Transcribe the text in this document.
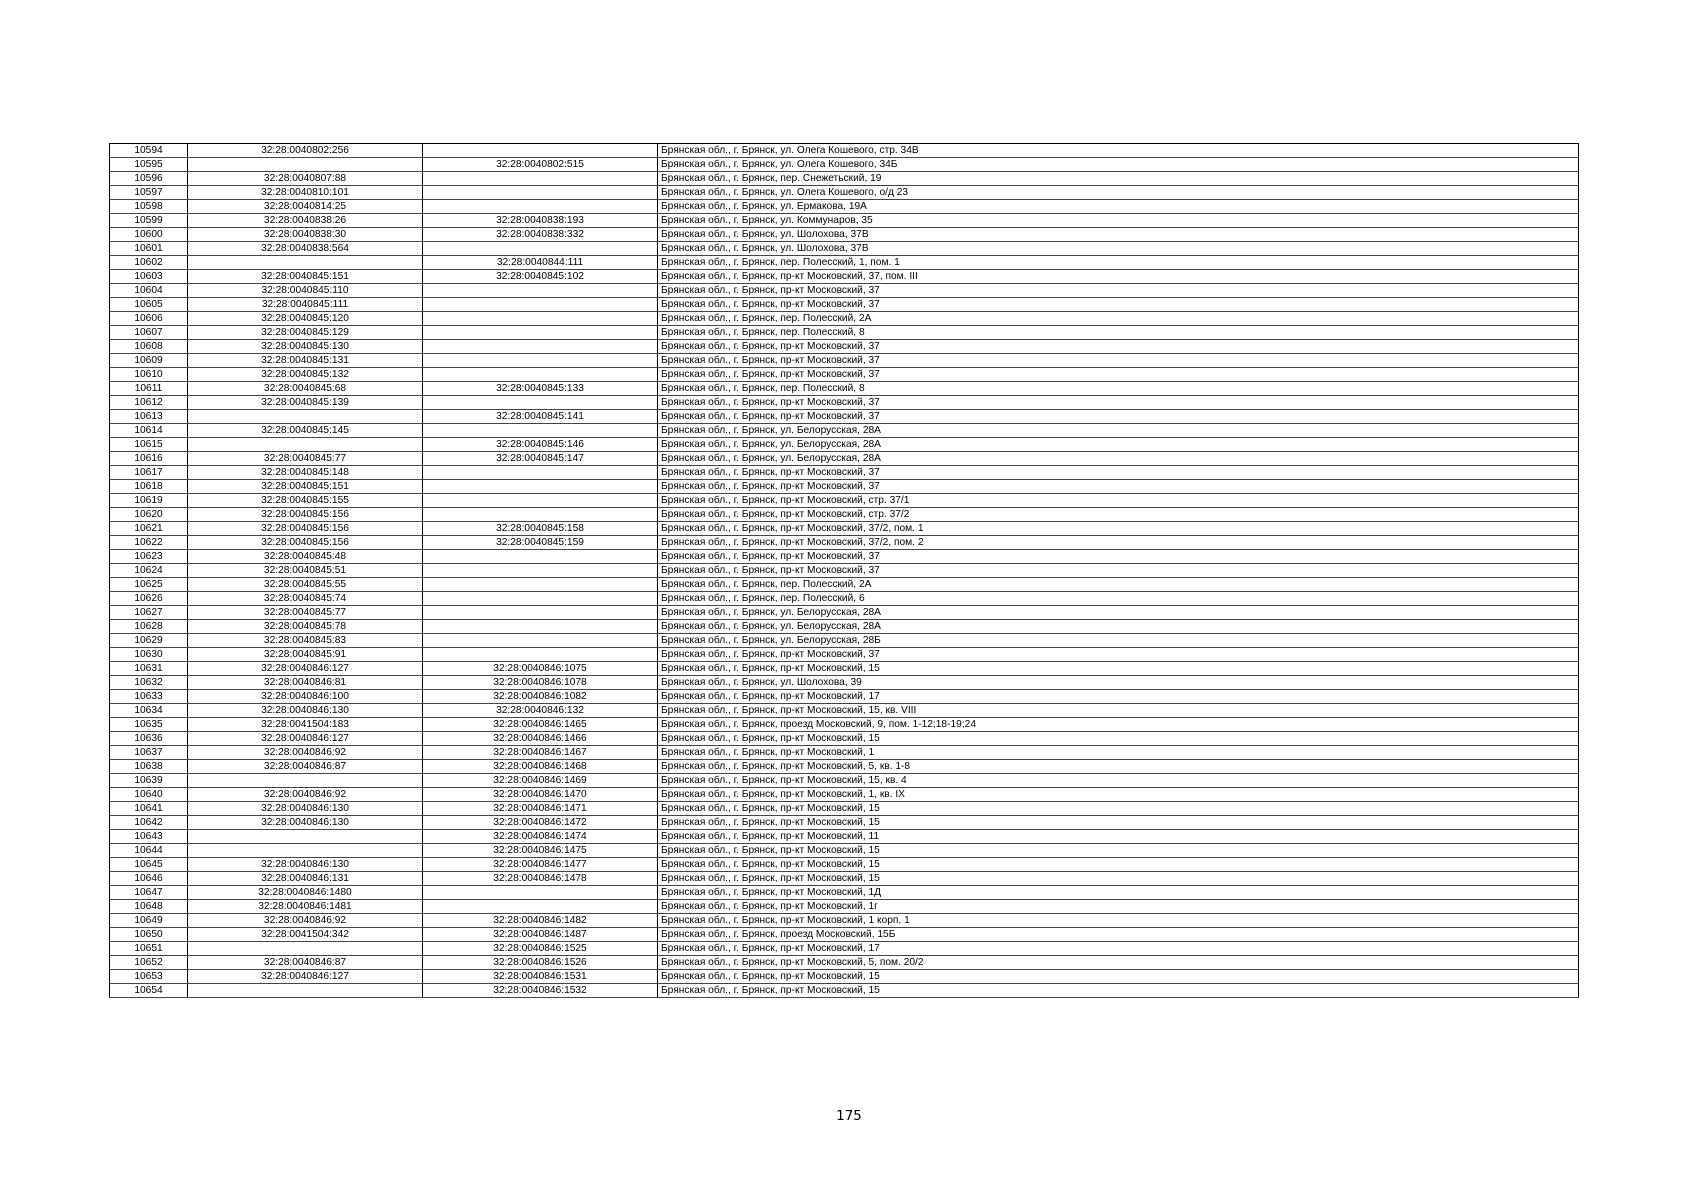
10594	32:28:0040802:256		Брянская обл., г. Брянск, ул. Олега Кошевого, стр. 34В
10595		32:28:0040802:515	Брянская обл., г. Брянск, ул. Олега Кошевого, 34Б
10596	32:28:0040807:88		Брянская обл., г. Брянск, пер. Снежетьский, 19
10597	32:28:0040810:101		Брянская обл., г. Брянск, ул. Олега Кошевого, о/д 23
10598	32:28:0040814:25		Брянская обл., г. Брянск, ул. Ермакова, 19А
10599	32:28:0040838:26	32:28:0040838:193	Брянская обл., г. Брянск, ул. Коммунаров, 35
10600	32:28:0040838:30	32:28:0040838:332	Брянская обл., г. Брянск, ул. Шолохова, 37В
10601	32:28:0040838:564		Брянская обл., г. Брянск, ул. Шолохова, 37В
10602		32:28:0040844:111	Брянская обл., г. Брянск, пер. Полесский, 1, пом. 1
10603	32:28:0040845:151	32:28:0040845:102	Брянская обл., г. Брянск, пр-кт Московский, 37, пом. III
10604	32:28:0040845:110		Брянская обл., г. Брянск, пр-кт Московский, 37
10605	32:28:0040845:111		Брянская обл., г. Брянск, пр-кт Московский, 37
10606	32:28:0040845:120		Брянская обл., г. Брянск, пер. Полесский, 2А
10607	32:28:0040845:129		Брянская обл., г. Брянск, пер. Полесский, 8
10608	32:28:0040845:130		Брянская обл., г. Брянск, пр-кт Московский, 37
10609	32:28:0040845:131		Брянская обл., г. Брянск, пр-кт Московский, 37
10610	32:28:0040845:132		Брянская обл., г. Брянск, пр-кт Московский, 37
10611	32:28:0040845:68	32:28:0040845:133	Брянская обл., г. Брянск, пер. Полесский, 8
10612	32:28:0040845:139		Брянская обл., г. Брянск, пр-кт Московский, 37
10613		32:28:0040845:141	Брянская обл., г. Брянск, пр-кт Московский, 37
10614	32:28:0040845:145		Брянская обл., г. Брянск, ул. Белорусская, 28А
10615		32:28:0040845:146	Брянская обл., г. Брянск, ул. Белорусская, 28А
10616	32:28:0040845:77	32:28:0040845:147	Брянская обл., г. Брянск, ул. Белорусская, 28А
10617	32:28:0040845:148		Брянская обл., г. Брянск, пр-кт Московский, 37
10618	32:28:0040845:151		Брянская обл., г. Брянск, пр-кт Московский, 37
10619	32:28:0040845:155		Брянская обл., г. Брянск, пр-кт Московский, стр. 37/1
10620	32:28:0040845:156		Брянская обл., г. Брянск, пр-кт Московский, стр. 37/2
10621	32:28:0040845:156	32:28:0040845:158	Брянская обл., г. Брянск, пр-кт Московский, 37/2, пом. 1
10622	32:28:0040845:156	32:28:0040845:159	Брянская обл., г. Брянск, пр-кт Московский, 37/2, пом. 2
10623	32:28:0040845:48		Брянская обл., г. Брянск, пр-кт Московский, 37
10624	32:28:0040845:51		Брянская обл., г. Брянск, пр-кт Московский, 37
10625	32:28:0040845:55		Брянская обл., г. Брянск, пер. Полесский, 2А
10626	32:28:0040845:74		Брянская обл., г. Брянск, пер. Полесский, 6
10627	32:28:0040845:77		Брянская обл., г. Брянск, ул. Белорусская, 28А
10628	32:28:0040845:78		Брянская обл., г. Брянск, ул. Белорусская, 28А
10629	32:28:0040845:83		Брянская обл., г. Брянск, ул. Белорусская, 28Б
10630	32:28:0040845:91		Брянская обл., г. Брянск, пр-кт Московский, 37
10631	32:28:0040846:127	32:28:0040846:1075	Брянская обл., г. Брянск, пр-кт Московский, 15
10632	32:28:0040846:81	32:28:0040846:1078	Брянская обл., г. Брянск, ул. Шолохова, 39
10633	32:28:0040846:100	32:28:0040846:1082	Брянская обл., г. Брянск, пр-кт Московский, 17
10634	32:28:0040846:130	32:28:0040846:132	Брянская обл., г. Брянск, пр-кт Московский, 15, кв. VIII
10635	32:28:0041504:183	32:28:0040846:1465	Брянская обл., г. Брянск, проезд Московский, 9, пом. 1-12;18-19;24
10636	32:28:0040846:127	32:28:0040846:1466	Брянская обл., г. Брянск, пр-кт Московский, 15
10637	32:28:0040846:92	32:28:0040846:1467	Брянская обл., г. Брянск, пр-кт Московский, 1
10638	32:28:0040846:87	32:28:0040846:1468	Брянская обл., г. Брянск, пр-кт Московский, 5, кв. 1-8
10639		32:28:0040846:1469	Брянская обл., г. Брянск, пр-кт Московский, 15, кв. 4
10640	32:28:0040846:92	32:28:0040846:1470	Брянская обл., г. Брянск, пр-кт Московский, 1, кв. IX
10641	32:28:0040846:130	32:28:0040846:1471	Брянская обл., г. Брянск, пр-кт Московский, 15
10642	32:28:0040846:130	32:28:0040846:1472	Брянская обл., г. Брянск, пр-кт Московский, 15
10643		32:28:0040846:1474	Брянская обл., г. Брянск, пр-кт Московский, 11
10644		32:28:0040846:1475	Брянская обл., г. Брянск, пр-кт Московский, 15
10645	32:28:0040846:130	32:28:0040846:1477	Брянская обл., г. Брянск, пр-кт Московский, 15
10646	32:28:0040846:131	32:28:0040846:1478	Брянская обл., г. Брянск, пр-кт Московский, 15
10647	32:28:0040846:1480		Брянская обл., г. Брянск, пр-кт Московский, 1Д
10648	32:28:0040846:1481		Брянская обл., г. Брянск, пр-кт Московский, 1г
10649	32:28:0040846:92	32:28:0040846:1482	Брянская обл., г. Брянск, пр-кт Московский, 1 корп. 1
10650	32:28:0041504:342	32:28:0040846:1487	Брянская обл., г. Брянск, проезд Московский, 15Б
10651		32:28:0040846:1525	Брянская обл., г. Брянск, пр-кт Московский, 17
10652	32:28:0040846:87	32:28:0040846:1526	Брянская обл., г. Брянск, пр-кт Московский, 5, пом. 20/2
10653	32:28:0040846:127	32:28:0040846:1531	Брянская обл., г. Брянск, пр-кт Московский, 15
10654		32:28:0040846:1532	Брянская обл., г. Брянск, пр-кт Московский, 15
175
